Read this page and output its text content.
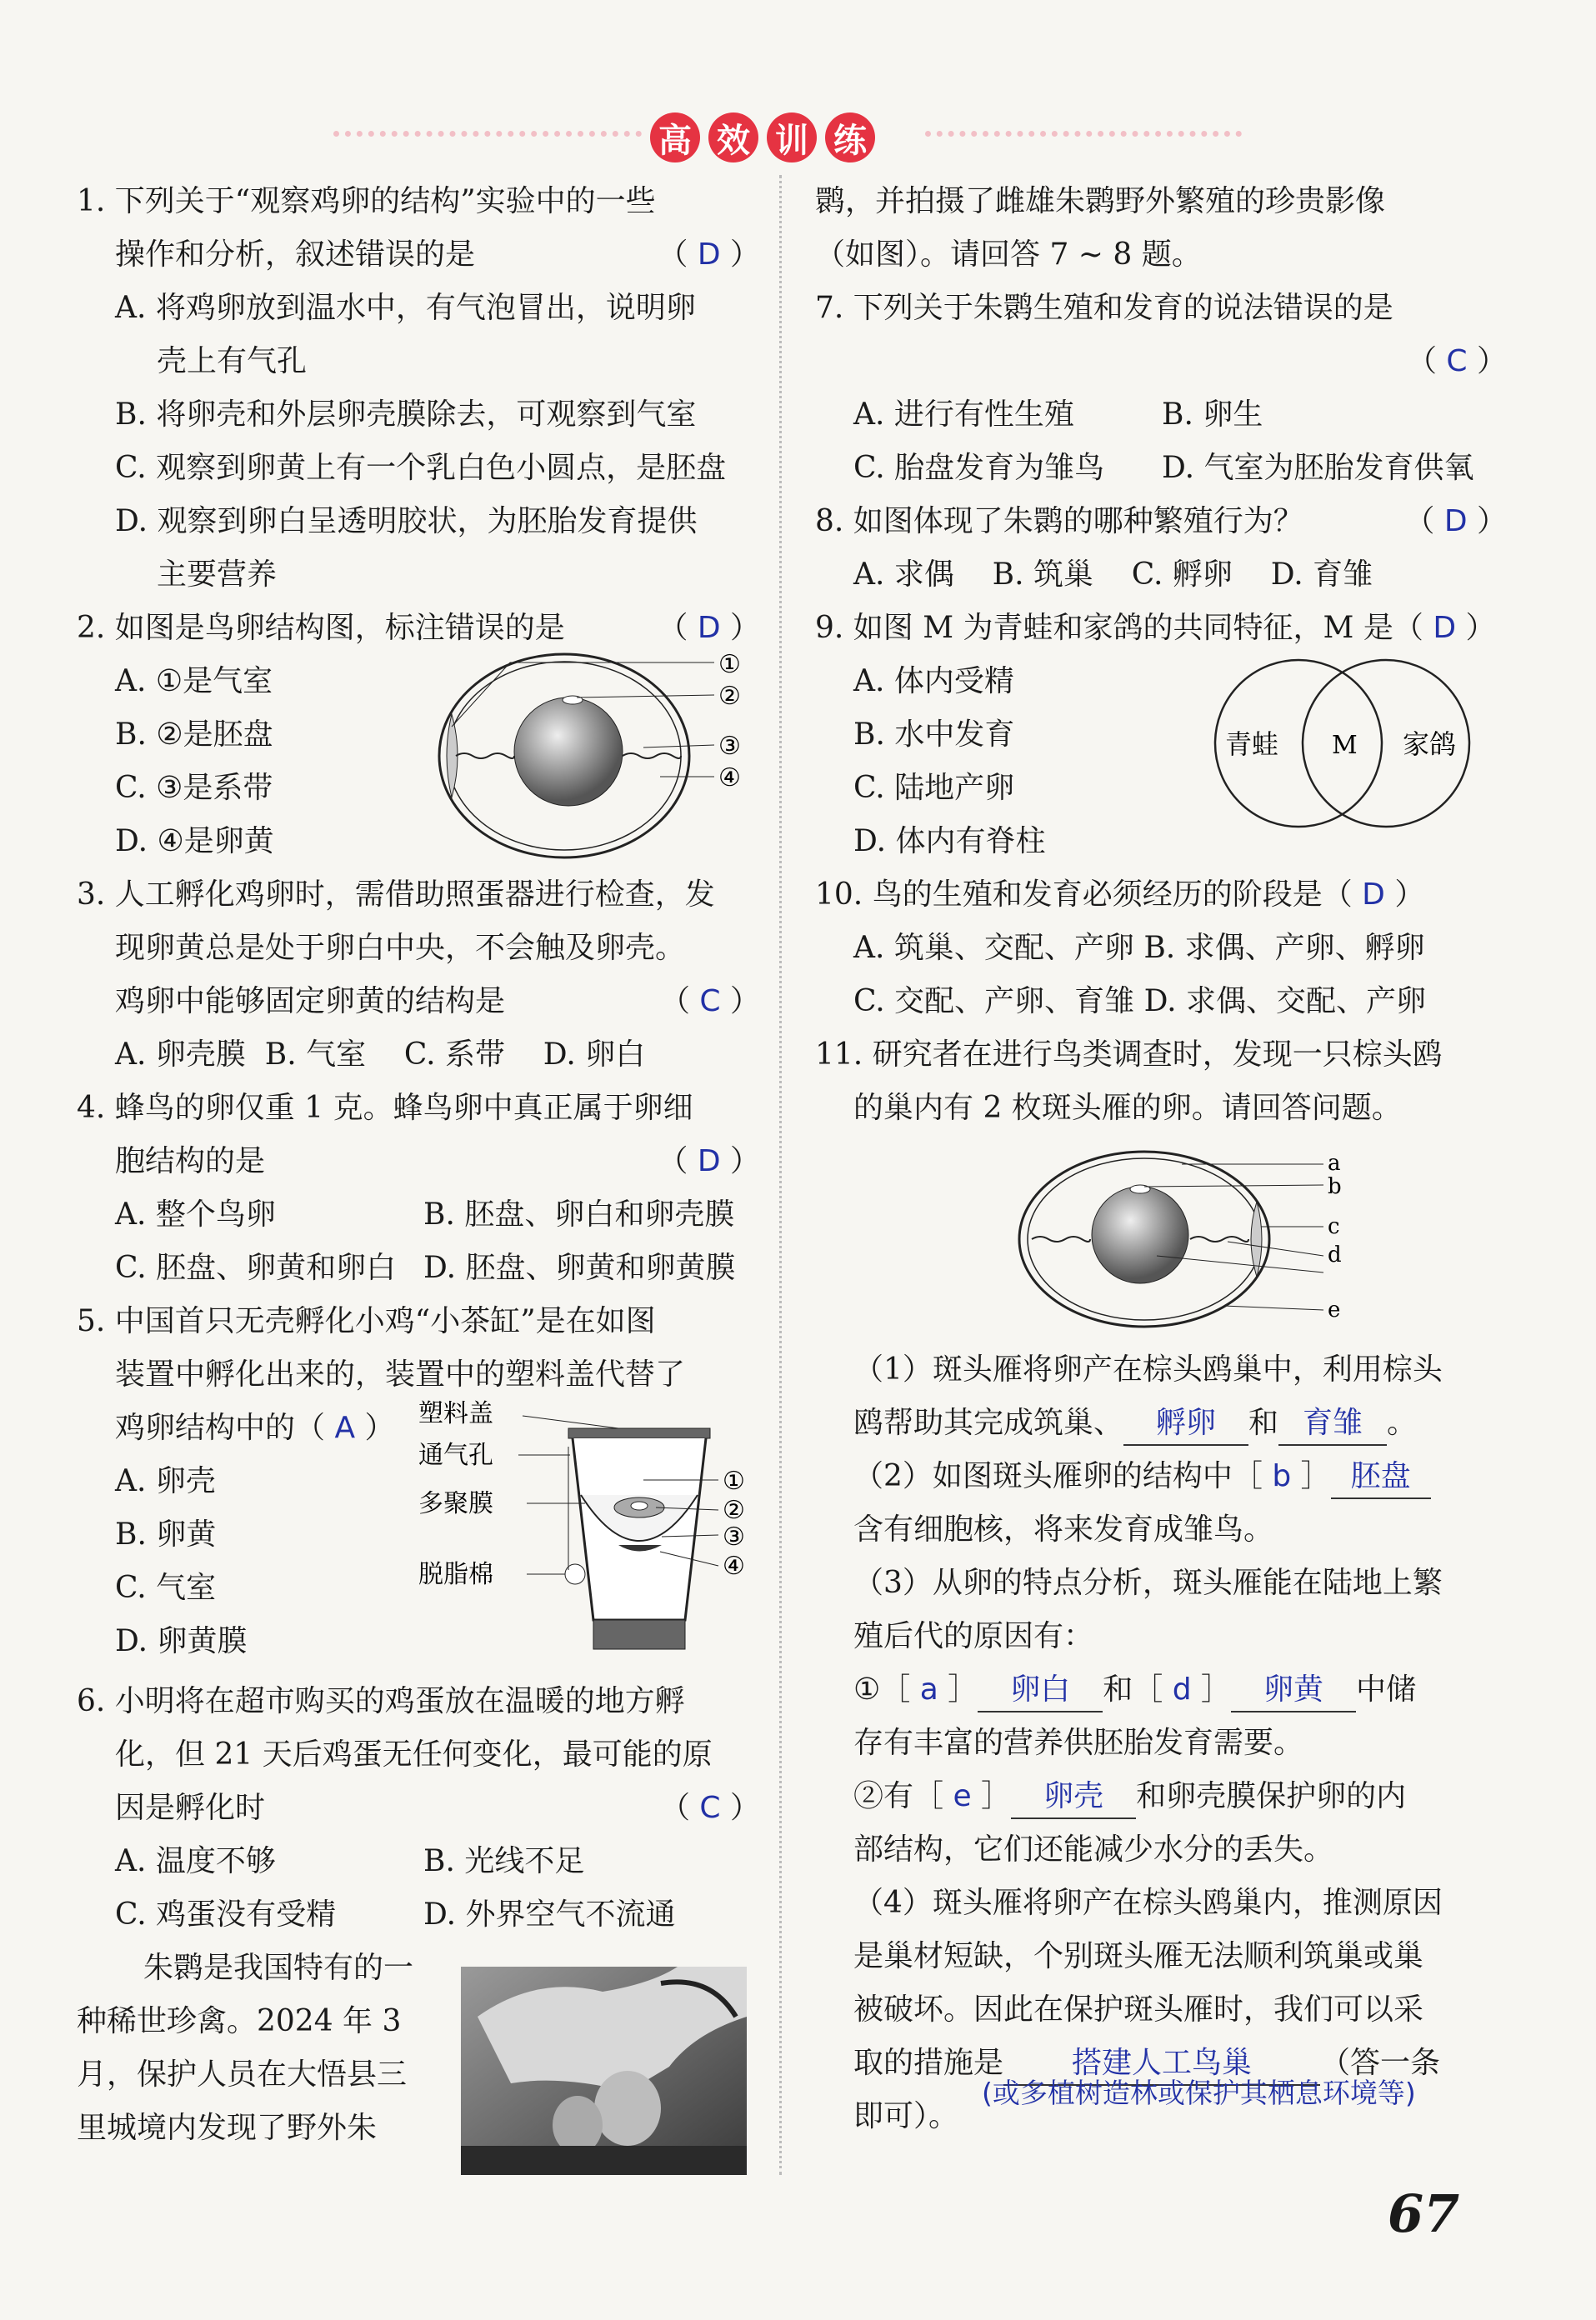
高 效 训 练
1. 下列关于“观察鸡卵的结构”实验中的一些
操作和分析，叙述错误的是	（ D ）
A. 将鸡卵放到温水中，有气泡冒出，说明卵
壳上有气孔
B. 将卵壳和外层卵壳膜除去，可观察到气室
C. 观察到卵黄上有一个乳白色小圆点，是胚盘
D. 观察到卵白呈透明胶状，为胚胎发育提供
主要营养
2. 如图是鸟卵结构图，标注错误的是	（ D ）
A. ①是气室
B. ②是胚盘
C. ③是系带
D. ④是卵黄
①
②
③
④
3. 人工孵化鸡卵时，需借助照蛋器进行检查，发
现卵黄总是处于卵白中央，不会触及卵壳。
鸡卵中能够固定卵黄的结构是	（ C ）
A. 卵壳膜  B. 气室    C. 系带    D. 卵白
4. 蜂鸟的卵仅重 1 克。蜂鸟卵中真正属于卵细
胞结构的是	（ D ）
A. 整个鸟卵	B. 胚盘、卵白和卵壳膜
C. 胚盘、卵黄和卵白 D. 胚盘、卵黄和卵黄膜
5. 中国首只无壳孵化小鸡“小茶缸”是在如图
装置中孵化出来的，装置中的塑料盖代替了
鸡卵结构中的（ A ）
A. 卵壳
B. 卵黄
C. 气室
D. 卵黄膜
塑料盖
通气孔
多聚膜
脱脂棉
①
②
③
④
6. 小明将在超市购买的鸡蛋放在温暖的地方孵
化，但 21 天后鸡蛋无任何变化，最可能的原
因是孵化时	（ C ）
A. 温度不够	B. 光线不足
C. 鸡蛋没有受精	D. 外界空气不流通
朱鹮是我国特有的一
种稀世珍禽。2024 年 3
月，保护人员在大悟县三
里城境内发现了野外朱
鹮，并拍摄了雌雄朱鹮野外繁殖的珍贵影像
（如图）。请回答 7 ~ 8 题。
7. 下列关于朱鹮生殖和发育的说法错误的是
（ C ）
A. 进行有性生殖	B. 卵生
C. 胎盘发育为雏鸟 D. 气室为胚胎发育供氧
8. 如图体现了朱鹮的哪种繁殖行为？	（ D ）
A. 求偶    B. 筑巢    C. 孵卵    D. 育雏
9. 如图 M 为青蛙和家鸽的共同特征，M 是（ D ）
A. 体内受精
B. 水中发育
C. 陆地产卵
D. 体内有脊柱
青蛙 M 家鸽
10. 鸟的生殖和发育必须经历的阶段是（ D ）
A. 筑巢、交配、产卵 B. 求偶、产卵、孵卵
C. 交配、产卵、育雏 D. 求偶、交配、产卵
11. 研究者在进行鸟类调查时，发现一只棕头鸥
的巢内有 2 枚斑头雁的卵。请回答问题。
a
b
c
d
e
（1）斑头雁将卵产在棕头鸥巢中，利用棕头
鸥帮助其完成筑巢、 孵卵 和 育雏 。
（2）如图斑头雁卵的结构中［ b ］ 胚盘
含有细胞核，将来发育成雏鸟。
（3）从卵的特点分析，斑头雁能在陆地上繁
殖后代的原因有：
①［ a ］ 卵白 和［ d ］ 卵黄 中储
存有丰富的营养供胚胎发育需要。
②有［ e ］ 卵壳 和卵壳膜保护卵的内
部结构，它们还能减少水分的丢失。
（4）斑头雁将卵产在棕头鸥巢内，推测原因
是巢材短缺，个别斑头雁无法顺利筑巢或巢
被破坏。因此在保护斑头雁时，我们可以采
取的措施是 搭建人工鸟巢 （答一条
即可）。
(或多植树造林或保护其栖息环境等)
67
